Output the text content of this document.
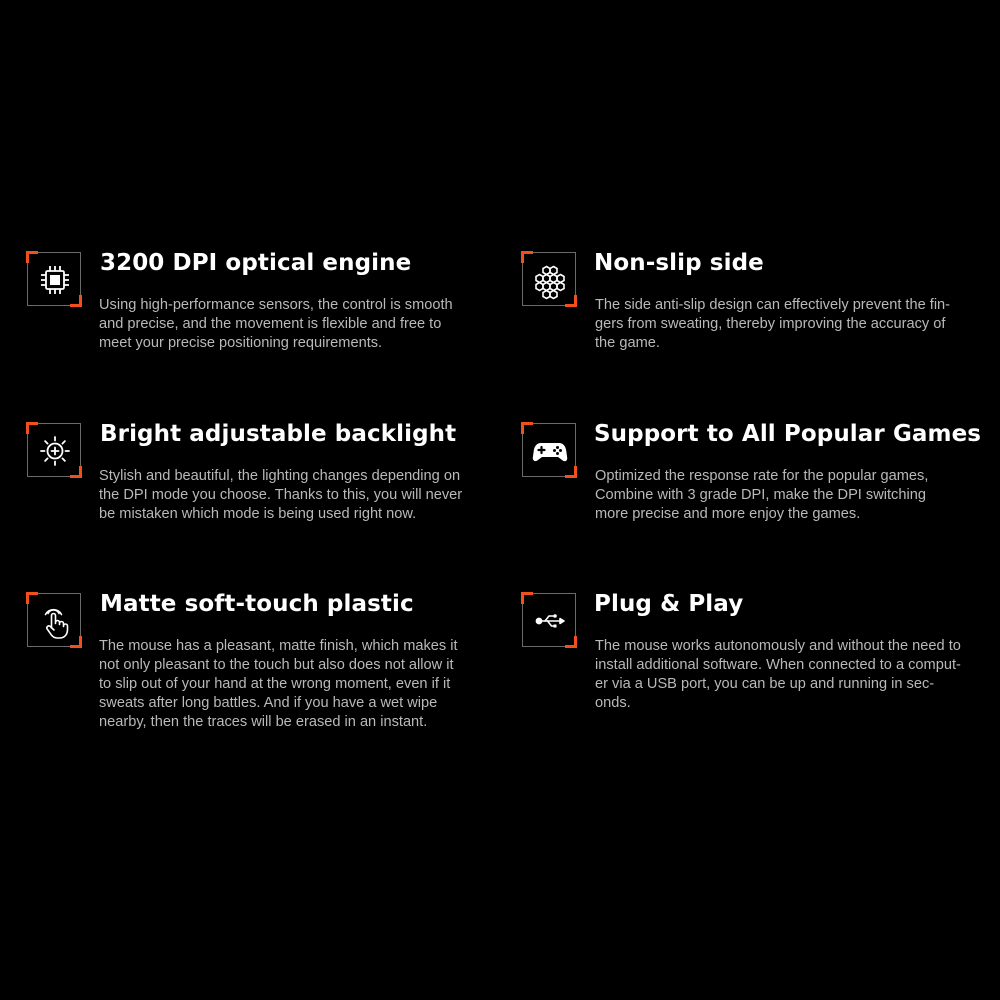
3200 DPI optical engine

Using high-performance sensors, the control is smooth
and precise, and the movement is flexible and free to
meet your precise positioning requirements.

Non-slip side

The side anti-slip design can effectively prevent the fin-
gers from sweating, thereby improving the accuracy of
the game.

Bright adjustable backlight

Stylish and beautiful, the lighting changes depending on
the DPI mode you choose. Thanks to this, you will never
be mistaken which mode is being used right now.

Support to All Popular Games

Optimized the response rate for the popular games,
Combine with 3 grade DPI, make the DPI switching
more precise and more enjoy the games.

Matte soft-touch plastic

The mouse has a pleasant, matte finish, which makes it
not only pleasant to the touch but also does not allow it
to slip out of your hand at the wrong moment, even if it
sweats after long battles. And if you have a wet wipe
nearby, then the traces will be erased in an instant.

Plug & Play

The mouse works autonomously and without the need to
install additional software. When connected to a comput-
er via a USB port, you can be up and running in sec-
onds.
